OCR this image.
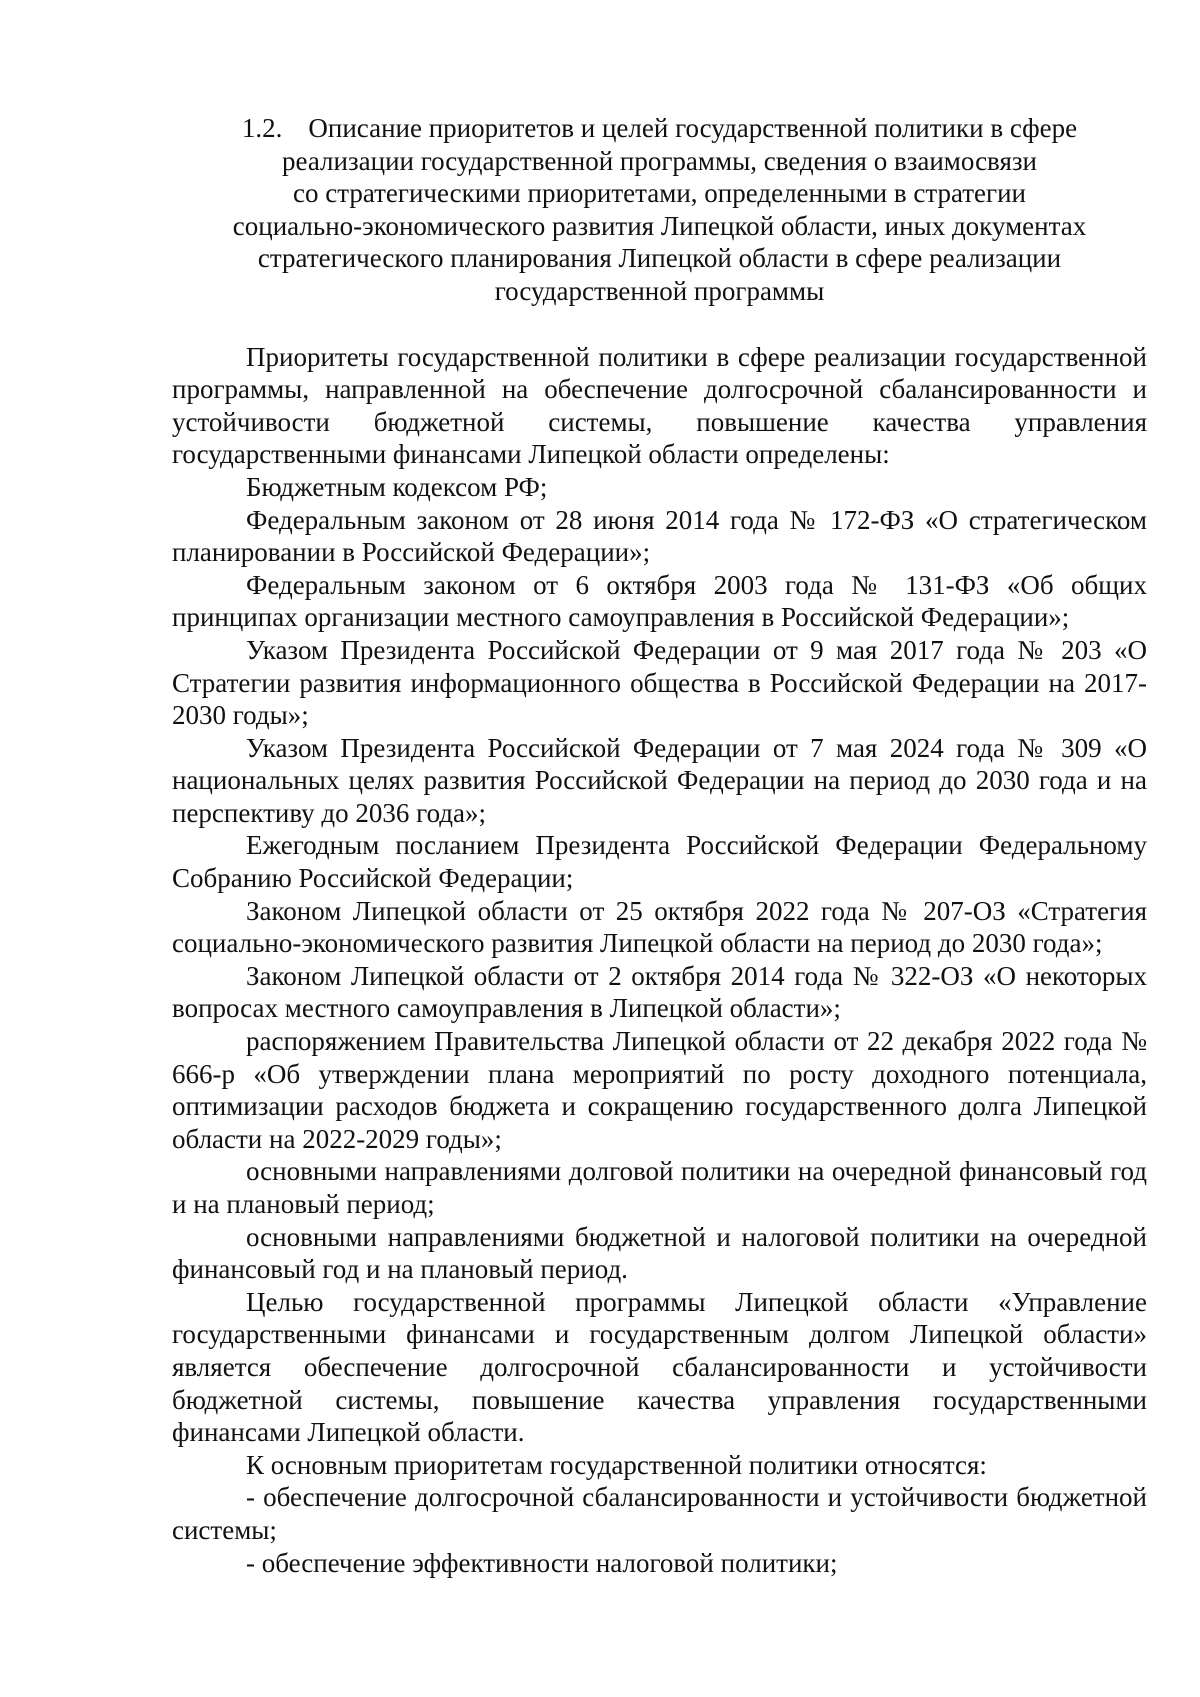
1.2. Описание приоритетов и целей государственной политики в сфере
реализации государственной программы, сведения о взаимосвязи
со стратегическими приоритетами, определенными в стратегии
социально-экономического развития Липецкой области, иных документах
стратегического планирования Липецкой области в сфере реализации
государственной программы

Приоритеты государственной политики в сфере реализации государственной программы, направленной на обеспечение долгосрочной сбалансированности и устойчивости бюджетной системы, повышение качества управления государственными финансами Липецкой области определены:

Бюджетным кодексом РФ;

Федеральным законом от 28 июня 2014 года № 172-ФЗ «О стратегическом планировании в Российской Федерации»;

Федеральным законом от 6 октября 2003 года № 131-ФЗ «Об общих принципах организации местного самоуправления в Российской Федерации»;

Указом Президента Российской Федерации от 9 мая 2017 года № 203 «О Стратегии развития информационного общества в Российской Федерации на 2017-2030 годы»;

Указом Президента Российской Федерации от 7 мая 2024 года № 309 «О национальных целях развития Российской Федерации на период до 2030 года и на перспективу до 2036 года»;

Ежегодным посланием Президента Российской Федерации Федеральному Собранию Российской Федерации;

Законом Липецкой области от 25 октября 2022 года № 207-ОЗ «Стратегия социально-экономического развития Липецкой области на период до 2030 года»;

Законом Липецкой области от 2 октября 2014 года № 322-ОЗ «О некоторых вопросах местного самоуправления в Липецкой области»;

распоряжением Правительства Липецкой области от 22 декабря 2022 года № 666-р «Об утверждении плана мероприятий по росту доходного потенциала, оптимизации расходов бюджета и сокращению государственного долга Липецкой области на 2022-2029 годы»;

основными направлениями долговой политики на очередной финансовый год и на плановый период;

основными направлениями бюджетной и налоговой политики на очередной финансовый год и на плановый период.

Целью государственной программы Липецкой области «Управление государственными финансами и государственным долгом Липецкой области» является обеспечение долгосрочной сбалансированности и устойчивости бюджетной системы, повышение качества управления государственными финансами Липецкой области.

К основным приоритетам государственной политики относятся:

- обеспечение долгосрочной сбалансированности и устойчивости бюджетной системы;

- обеспечение эффективности налоговой политики;
